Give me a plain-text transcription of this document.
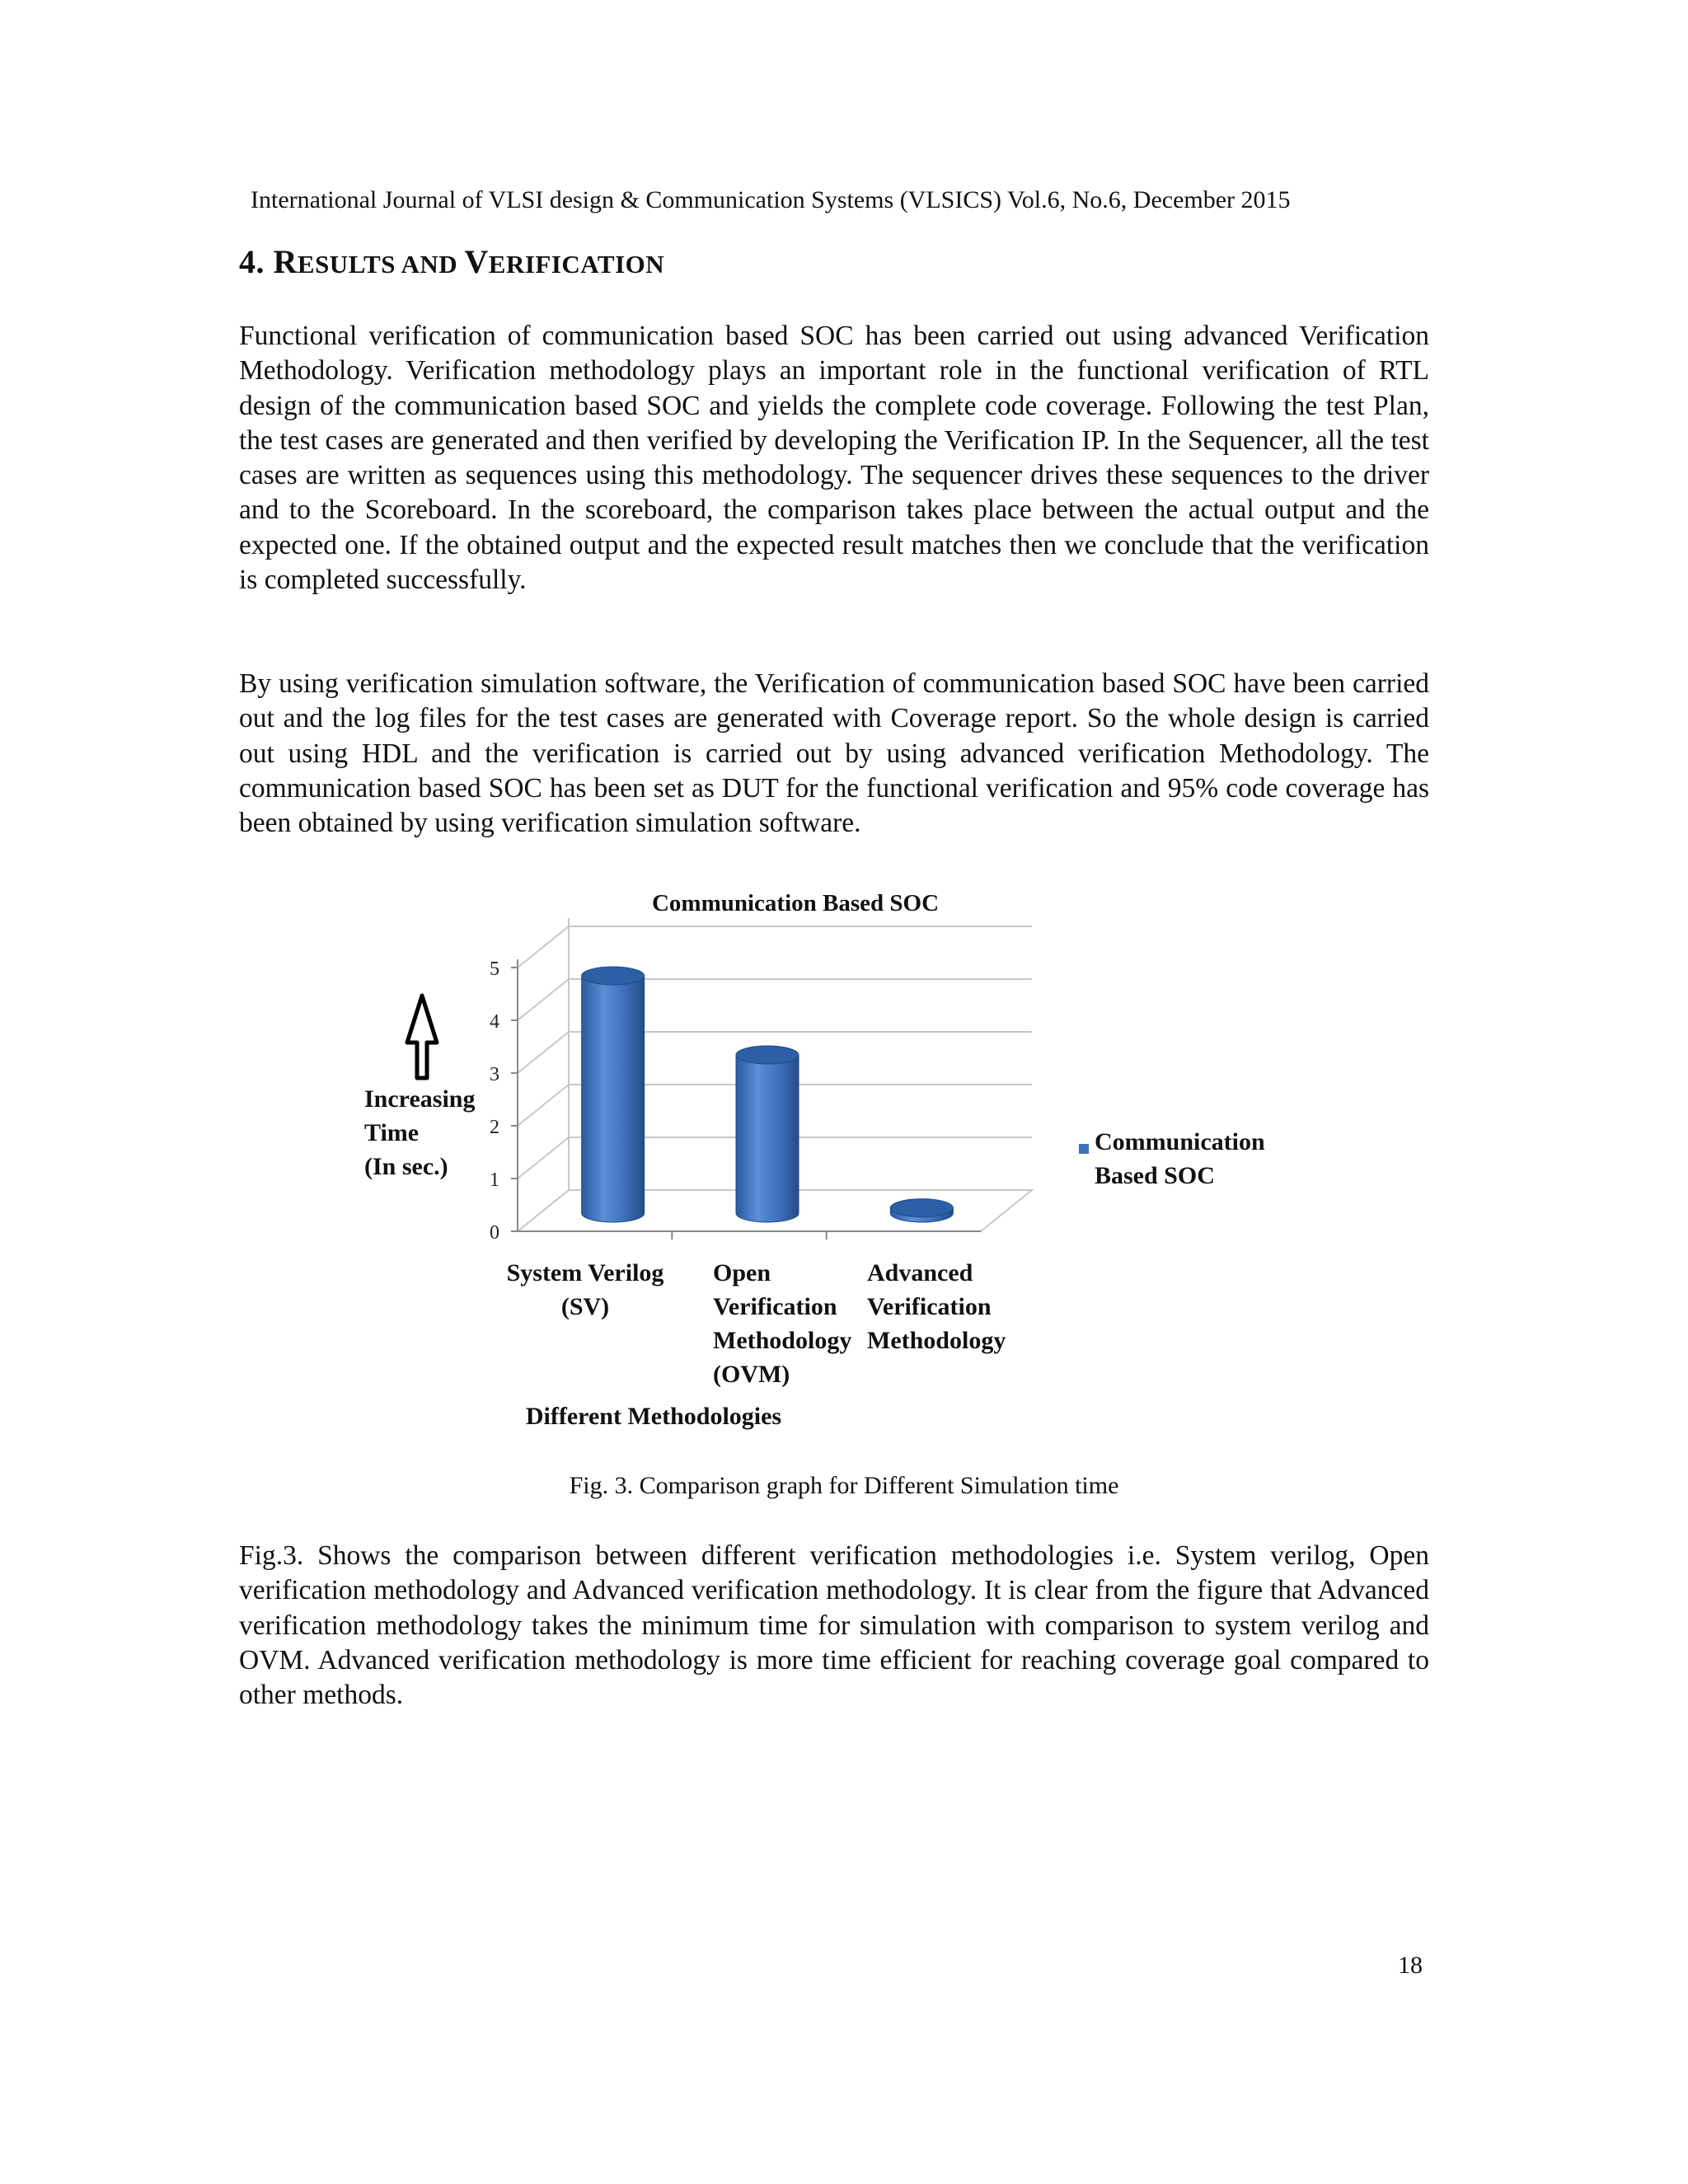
International Journal of VLSI design & Communication Systems (VLSICS) Vol.6, No.6, December 2015
4. RESULTS AND VERIFICATION

Functional verification of communication based SOC has been carried out using advanced Verification Methodology. Verification methodology plays an important role in the functional verification of RTL design of the communication based SOC and yields the complete code coverage. Following the test Plan, the test cases are generated and then verified by developing the Verification IP. In the Sequencer, all the test cases are written as sequences using this methodology. The sequencer drives these sequences to the driver and to the Scoreboard. In the scoreboard, the comparison takes place between the actual output and the expected one. If the obtained output and the expected result matches then we conclude that the verification is completed successfully.

By using verification simulation software, the Verification of communication based SOC have been carried out and the log files for the test cases are generated with Coverage report. So the whole design is carried out using HDL and the verification is carried out by using advanced verification Methodology. The communication based SOC has been set as DUT for the functional verification and 95% code coverage has been obtained by using verification simulation software.

0
1
2
3
4
5
Communication Based SOC
Increasing
Time
(In sec.)
System Verilog
(SV)
Open
Verification
Methodology
(OVM)
Advanced
Verification
Methodology
Different Methodologies
Communication
Based SOC
Fig. 3. Comparison graph for Different Simulation time

Fig.3. Shows the comparison between different verification methodologies i.e. System verilog, Open verification methodology and Advanced verification methodology. It is clear from the figure that Advanced verification methodology takes the minimum time for simulation with comparison to system verilog and OVM. Advanced verification methodology is more time efficient for reaching coverage goal compared to other methods.

18
